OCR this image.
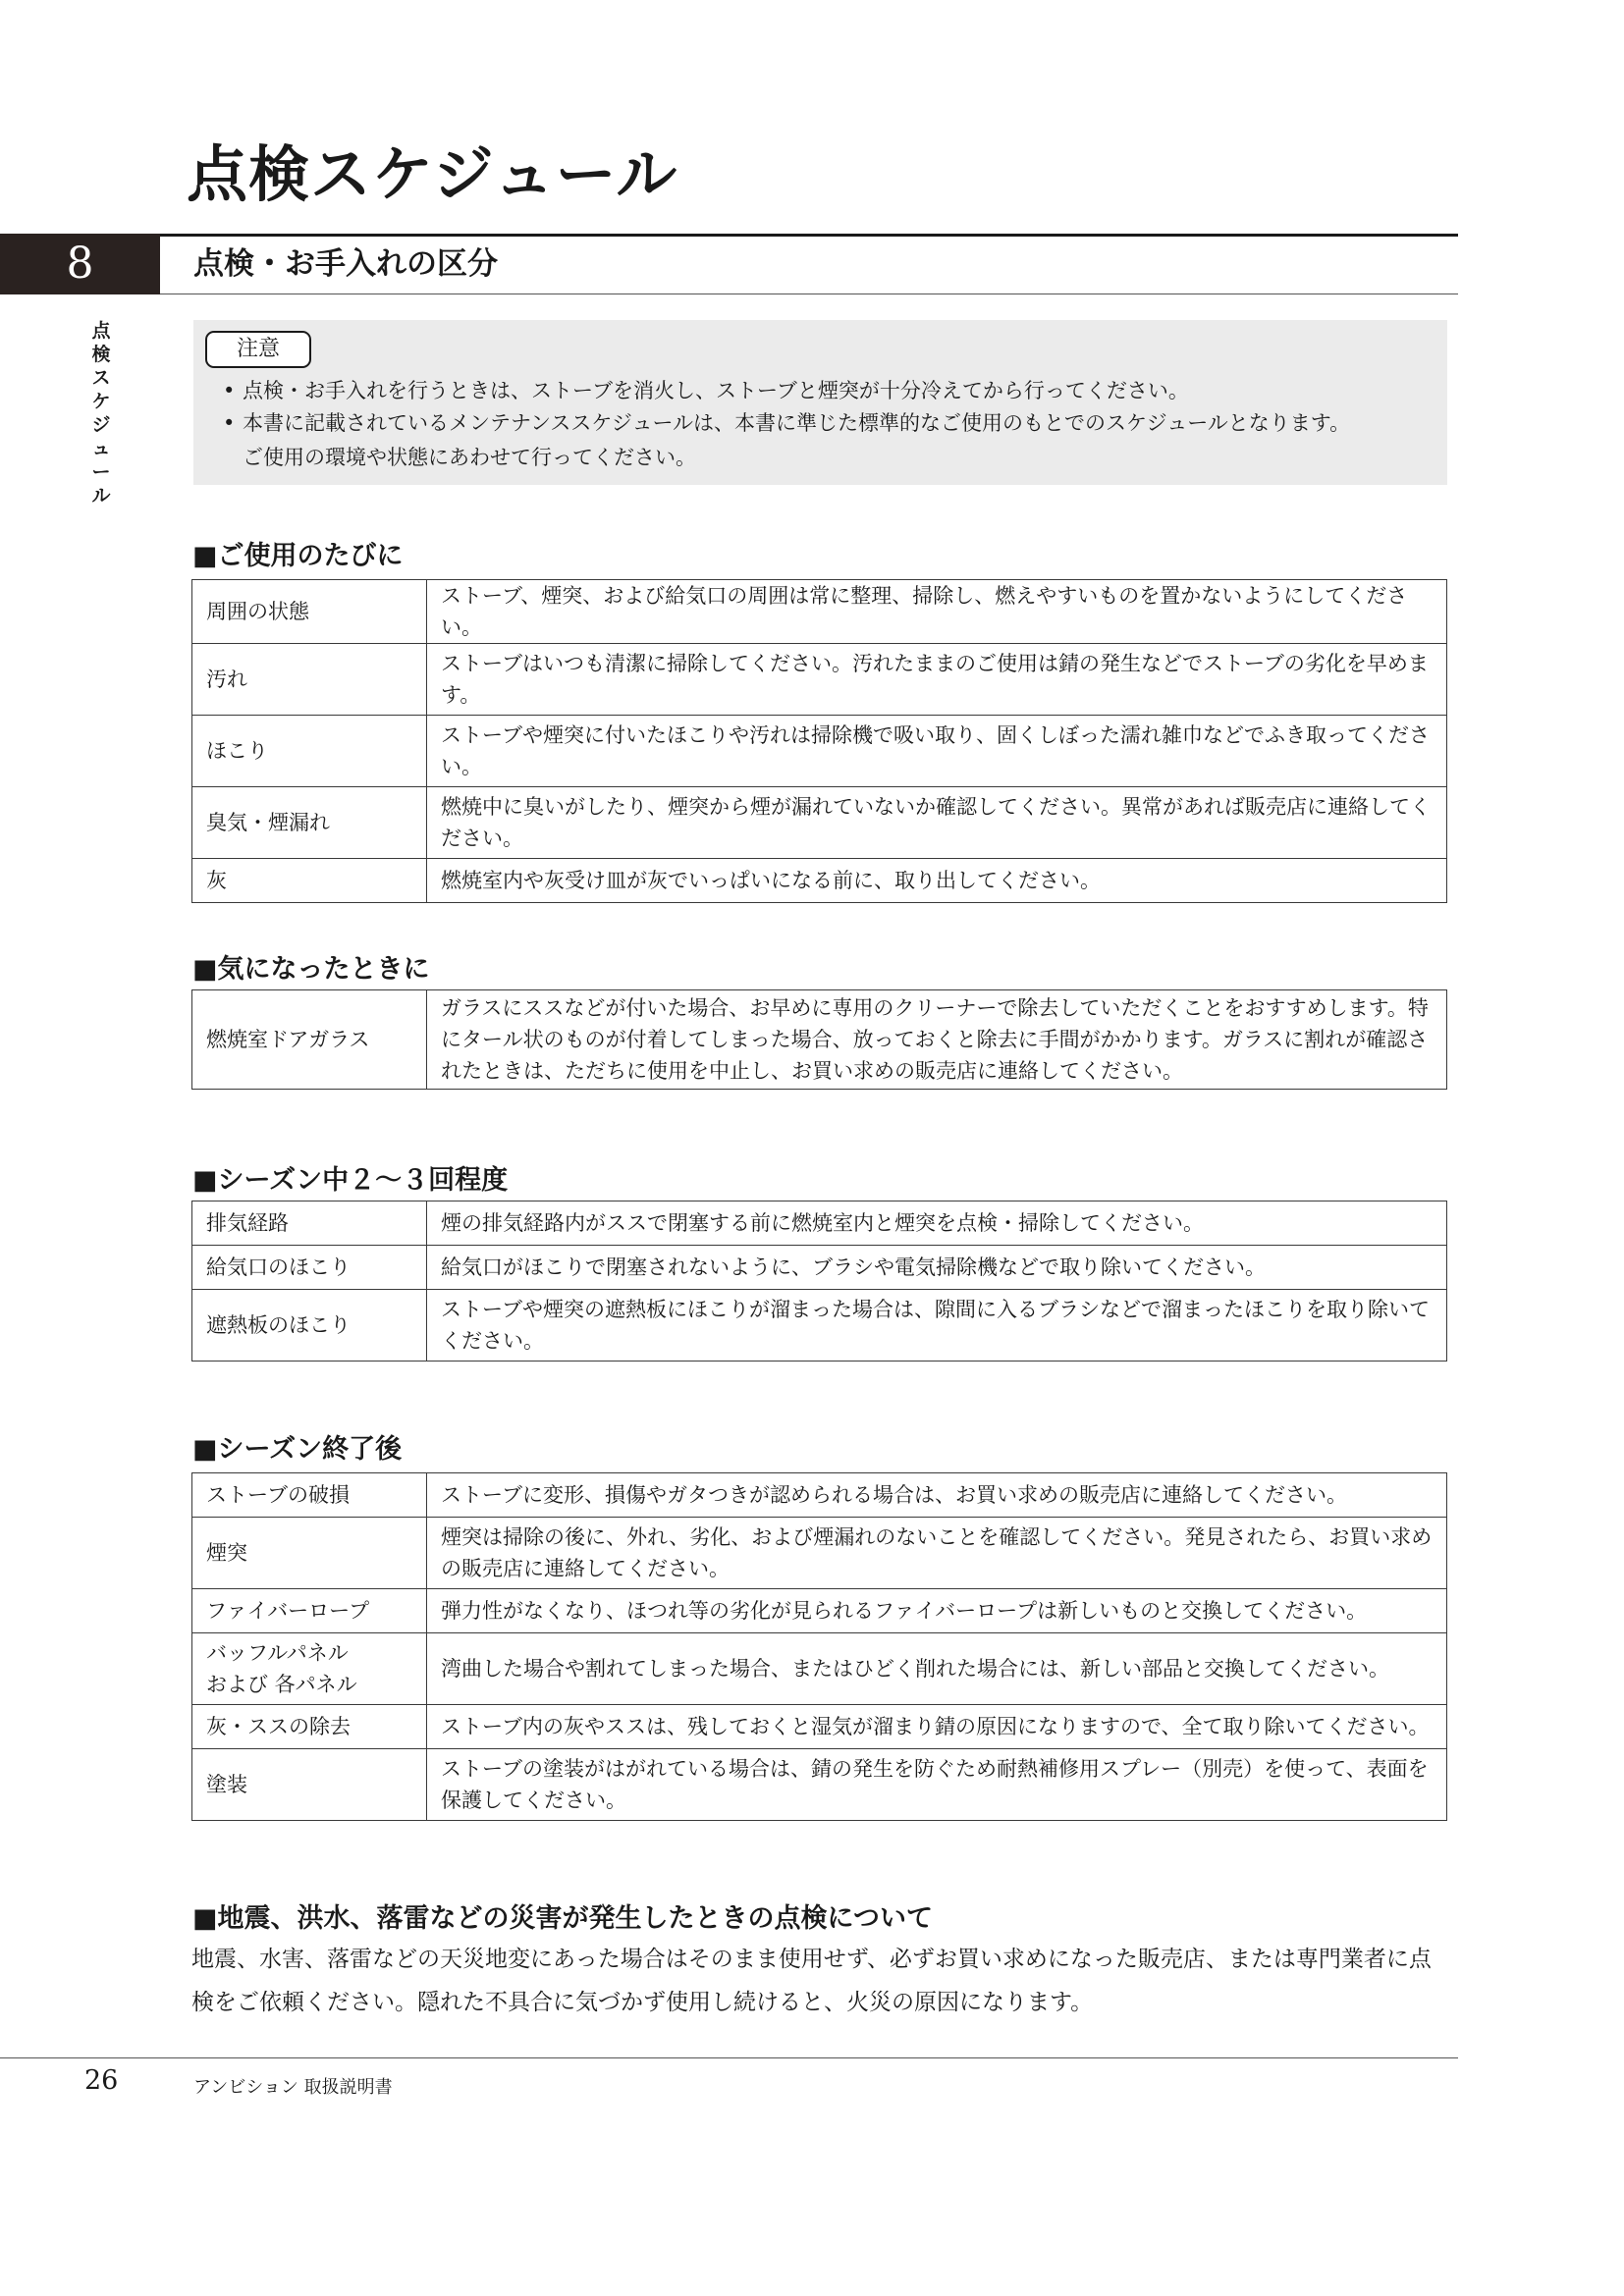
点検スケジュール
8	点検・お手入れの区分
点
検
ス
ケ
ジ
ュ
ー
ル
注意
• 点検・お手入れを行うときは、ストーブを消火し、ストーブと煙突が十分冷えてから行ってください。
• 本書に記載されているメンテナンススケジュールは、本書に準じた標準的なご使用のもとでのスケジュールとなります。
ご使用の環境や状態にあわせて行ってください。
■ご使用のたびに
周囲の状態	ストーブ、煙突、および給気口の周囲は常に整理、掃除し、燃えやすいものを置かないようにしてください。
汚れ	ストーブはいつも清潔に掃除してください。汚れたままのご使用は錆の発生などでストーブの劣化を早めます。
ほこり	ストーブや煙突に付いたほこりや汚れは掃除機で吸い取り、固くしぼった濡れ雑巾などでふき取ってください。
臭気・煙漏れ	燃焼中に臭いがしたり、煙突から煙が漏れていないか確認してください。異常があれば販売店に連絡してください。
灰	燃焼室内や灰受け皿が灰でいっぱいになる前に、取り出してください。
■気になったときに
燃焼室ドアガラス	ガラスにススなどが付いた場合、お早めに専用のクリーナーで除去していただくことをおすすめします。特にタール状のものが付着してしまった場合、放っておくと除去に手間がかかります。ガラスに割れが確認されたときは、ただちに使用を中止し、お買い求めの販売店に連絡してください。
■シーズン中２～３回程度
排気経路	煙の排気経路内がススで閉塞する前に燃焼室内と煙突を点検・掃除してください。
給気口のほこり	給気口がほこりで閉塞されないように、ブラシや電気掃除機などで取り除いてください。
遮熱板のほこり	ストーブや煙突の遮熱板にほこりが溜まった場合は、隙間に入るブラシなどで溜まったほこりを取り除いてください。
■シーズン終了後
ストーブの破損	ストーブに変形、損傷やガタつきが認められる場合は、お買い求めの販売店に連絡してください。
煙突	煙突は掃除の後に、外れ、劣化、および煙漏れのないことを確認してください。発見されたら、お買い求めの販売店に連絡してください。
ファイバーロープ	弾力性がなくなり、ほつれ等の劣化が見られるファイバーロープは新しいものと交換してください。
バッフルパネル
および 各パネル	湾曲した場合や割れてしまった場合、またはひどく削れた場合には、新しい部品と交換してください。
灰・ススの除去	ストーブ内の灰やススは、残しておくと湿気が溜まり錆の原因になりますので、全て取り除いてください。
塗装	ストーブの塗装がはがれている場合は、錆の発生を防ぐため耐熱補修用スプレー（別売）を使って、表面を保護してください。
■地震、洪水、落雷などの災害が発生したときの点検について

地震、水害、落雷などの天災地変にあった場合はそのまま使用せず、必ずお買い求めになった販売店、または専門業者に点検をご依頼ください。隠れた不具合に気づかず使用し続けると、火災の原因になります。

26	アンビション 取扱説明書
